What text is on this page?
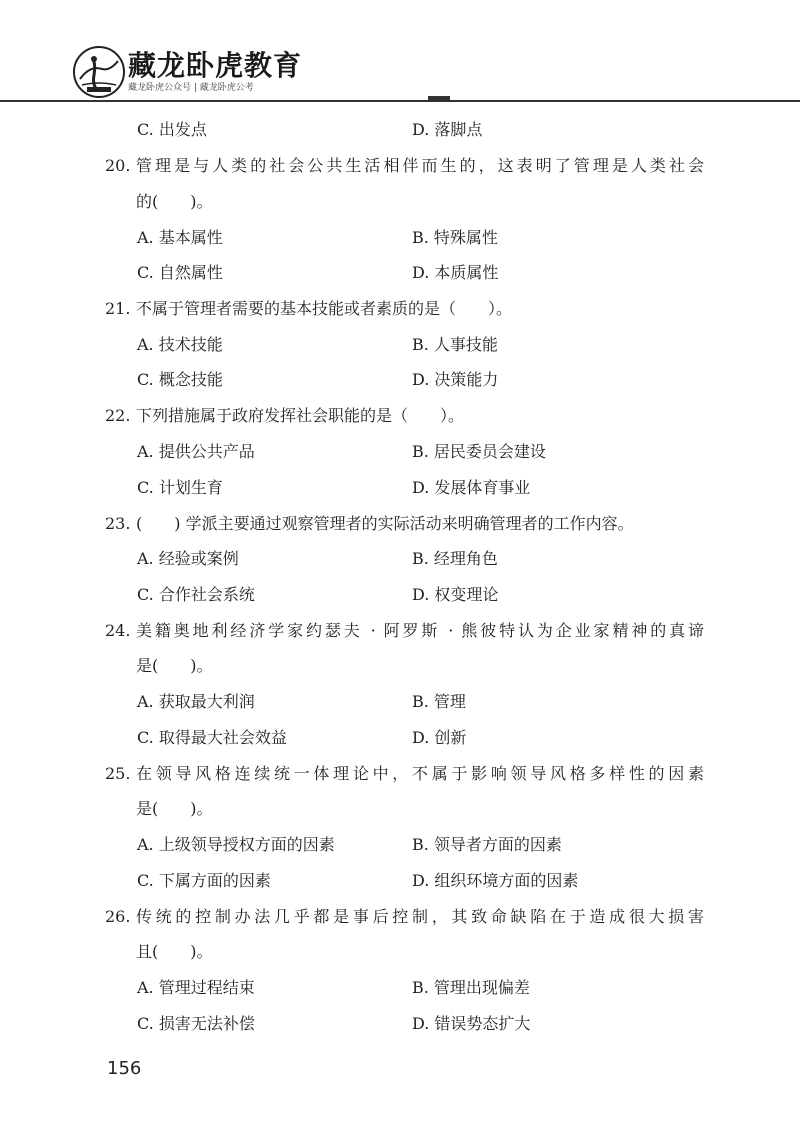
藏龙卧虎教育
藏龙卧虎公众号 | 藏龙卧虎公考
C. 出发点	D. 落脚点
20. 管理是与人类的社会公共生活相伴而生的，这表明了管理是人类社会
的(　　)。
A. 基本属性	B. 特殊属性
C. 自然属性	D. 本质属性
21. 不属于管理者需要的基本技能或者素质的是（　　）。
A. 技术技能	B. 人事技能
C. 概念技能	D. 决策能力
22. 下列措施属于政府发挥社会职能的是（　　）。
A. 提供公共产品	B. 居民委员会建设
C. 计划生育	D. 发展体育事业
23. (　　) 学派主要通过观察管理者的实际活动来明确管理者的工作内容。
A. 经验或案例	B. 经理角色
C. 合作社会系统	D. 权变理论
24. 美籍奥地利经济学家约瑟夫 · 阿罗斯 · 熊彼特认为企业家精神的真谛
是(　　)。
A. 获取最大利润	B. 管理
C. 取得最大社会效益	D. 创新
25. 在领导风格连续统一体理论中，不属于影响领导风格多样性的因素
是(　　)。
A. 上级领导授权方面的因素	B. 领导者方面的因素
C. 下属方面的因素	D. 组织环境方面的因素
26. 传统的控制办法几乎都是事后控制，其致命缺陷在于造成很大损害
且(　　)。
A. 管理过程结束	B. 管理出现偏差
C. 损害无法补偿	D. 错误势态扩大
156
